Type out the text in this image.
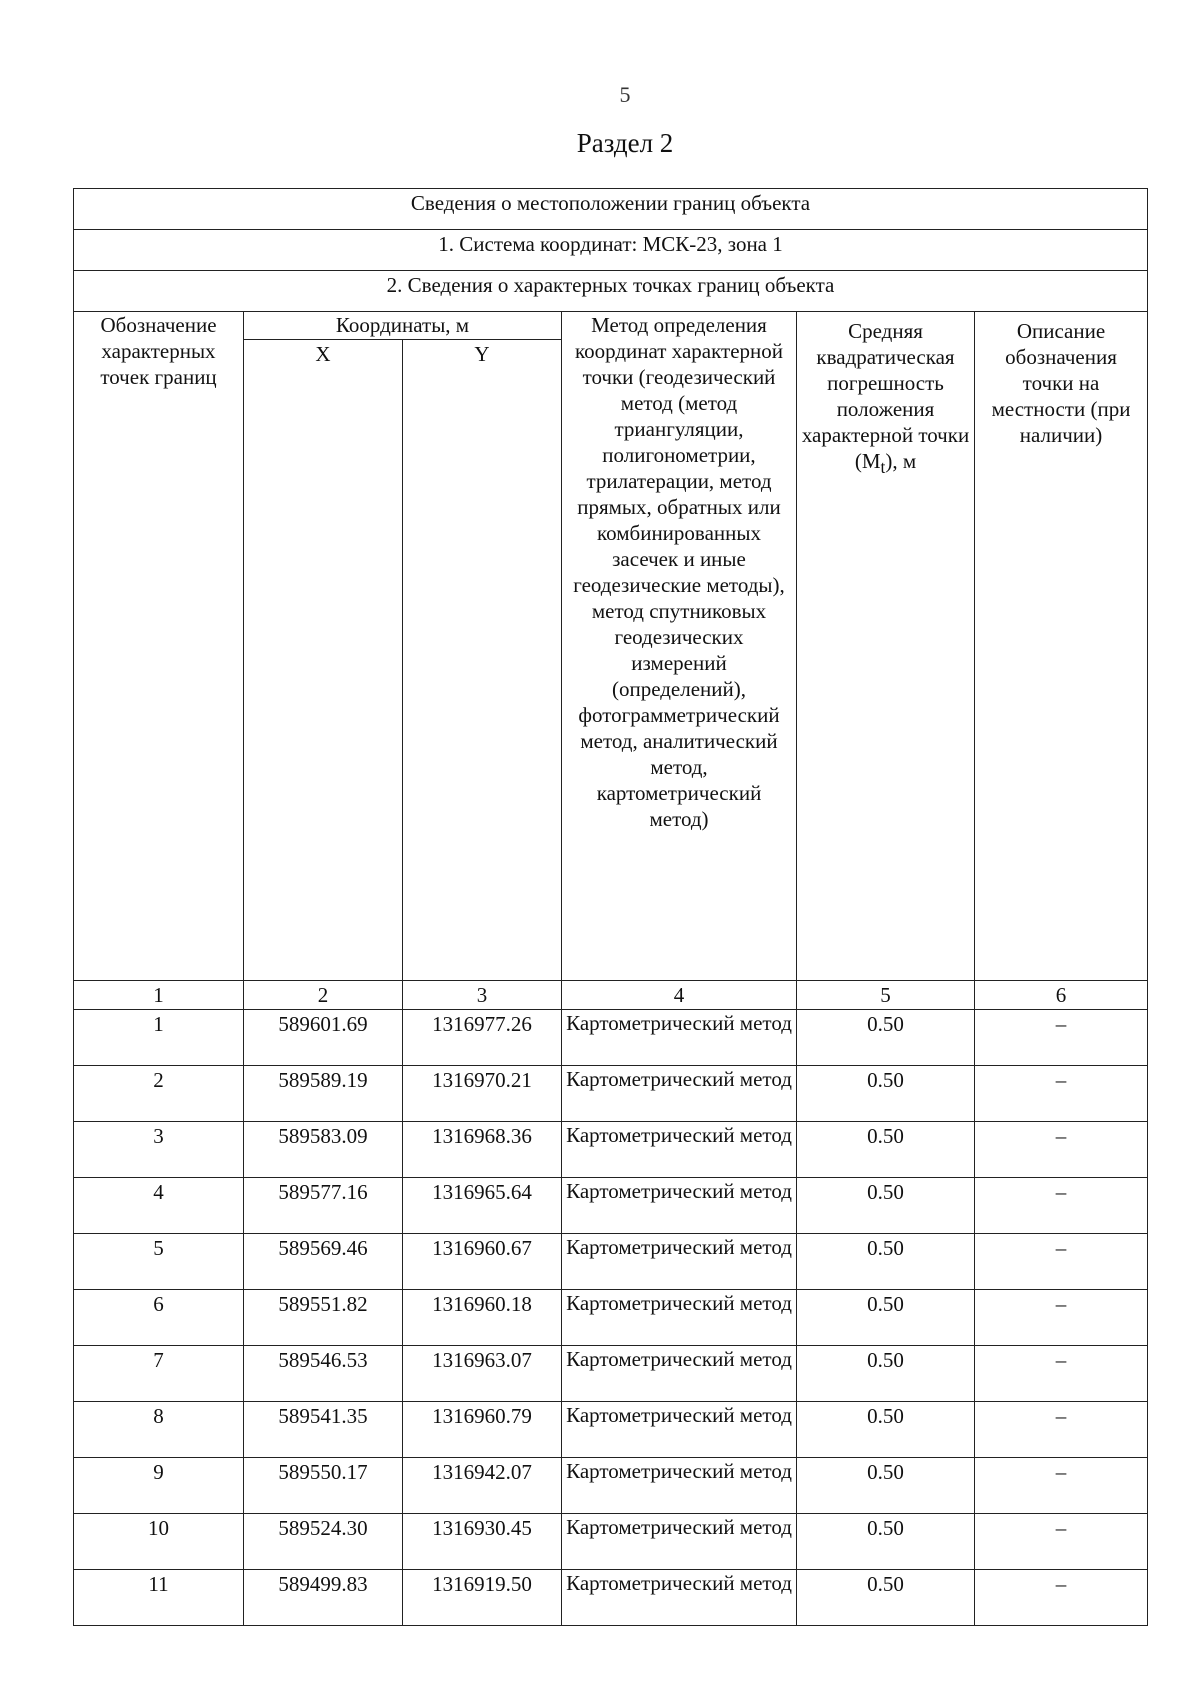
5
Раздел 2
Сведения о местоположении границ объекта					
1. Система координат: МСК-23, зона 1					
2. Сведения о характерных точках границ объекта					
Обозначение характерных точек границ	Координаты, м		Метод определения координат характерной точки (геодезический метод (метод триангуляции, полигонометрии, трилатерации, метод прямых, обратных или комбинированных засечек и иные геодезические методы), метод спутниковых геодезических измерений (определений), фотограмметрический метод, аналитический метод, картометрический метод)	Средняя квадратическая погрешность положения характерной точки $(M_t)$, м	Описание обозначения точки на местности (при наличии)
	X	Y			
1	2	3	4	5	6
1	589601.69	1316977.26	Картометрический метод	0.50	–
2	589589.19	1316970.21	Картометрический метод	0.50	–
3	589583.09	1316968.36	Картометрический метод	0.50	–
4	589577.16	1316965.64	Картометрический метод	0.50	–
5	589569.46	1316960.67	Картометрический метод	0.50	–
6	589551.82	1316960.18	Картометрический метод	0.50	–
7	589546.53	1316963.07	Картометрический метод	0.50	–
8	589541.35	1316960.79	Картометрический метод	0.50	–
9	589550.17	1316942.07	Картометрический метод	0.50	–
10	589524.30	1316930.45	Картометрический метод	0.50	–
11	589499.83	1316919.50	Картометрический метод	0.50	–
